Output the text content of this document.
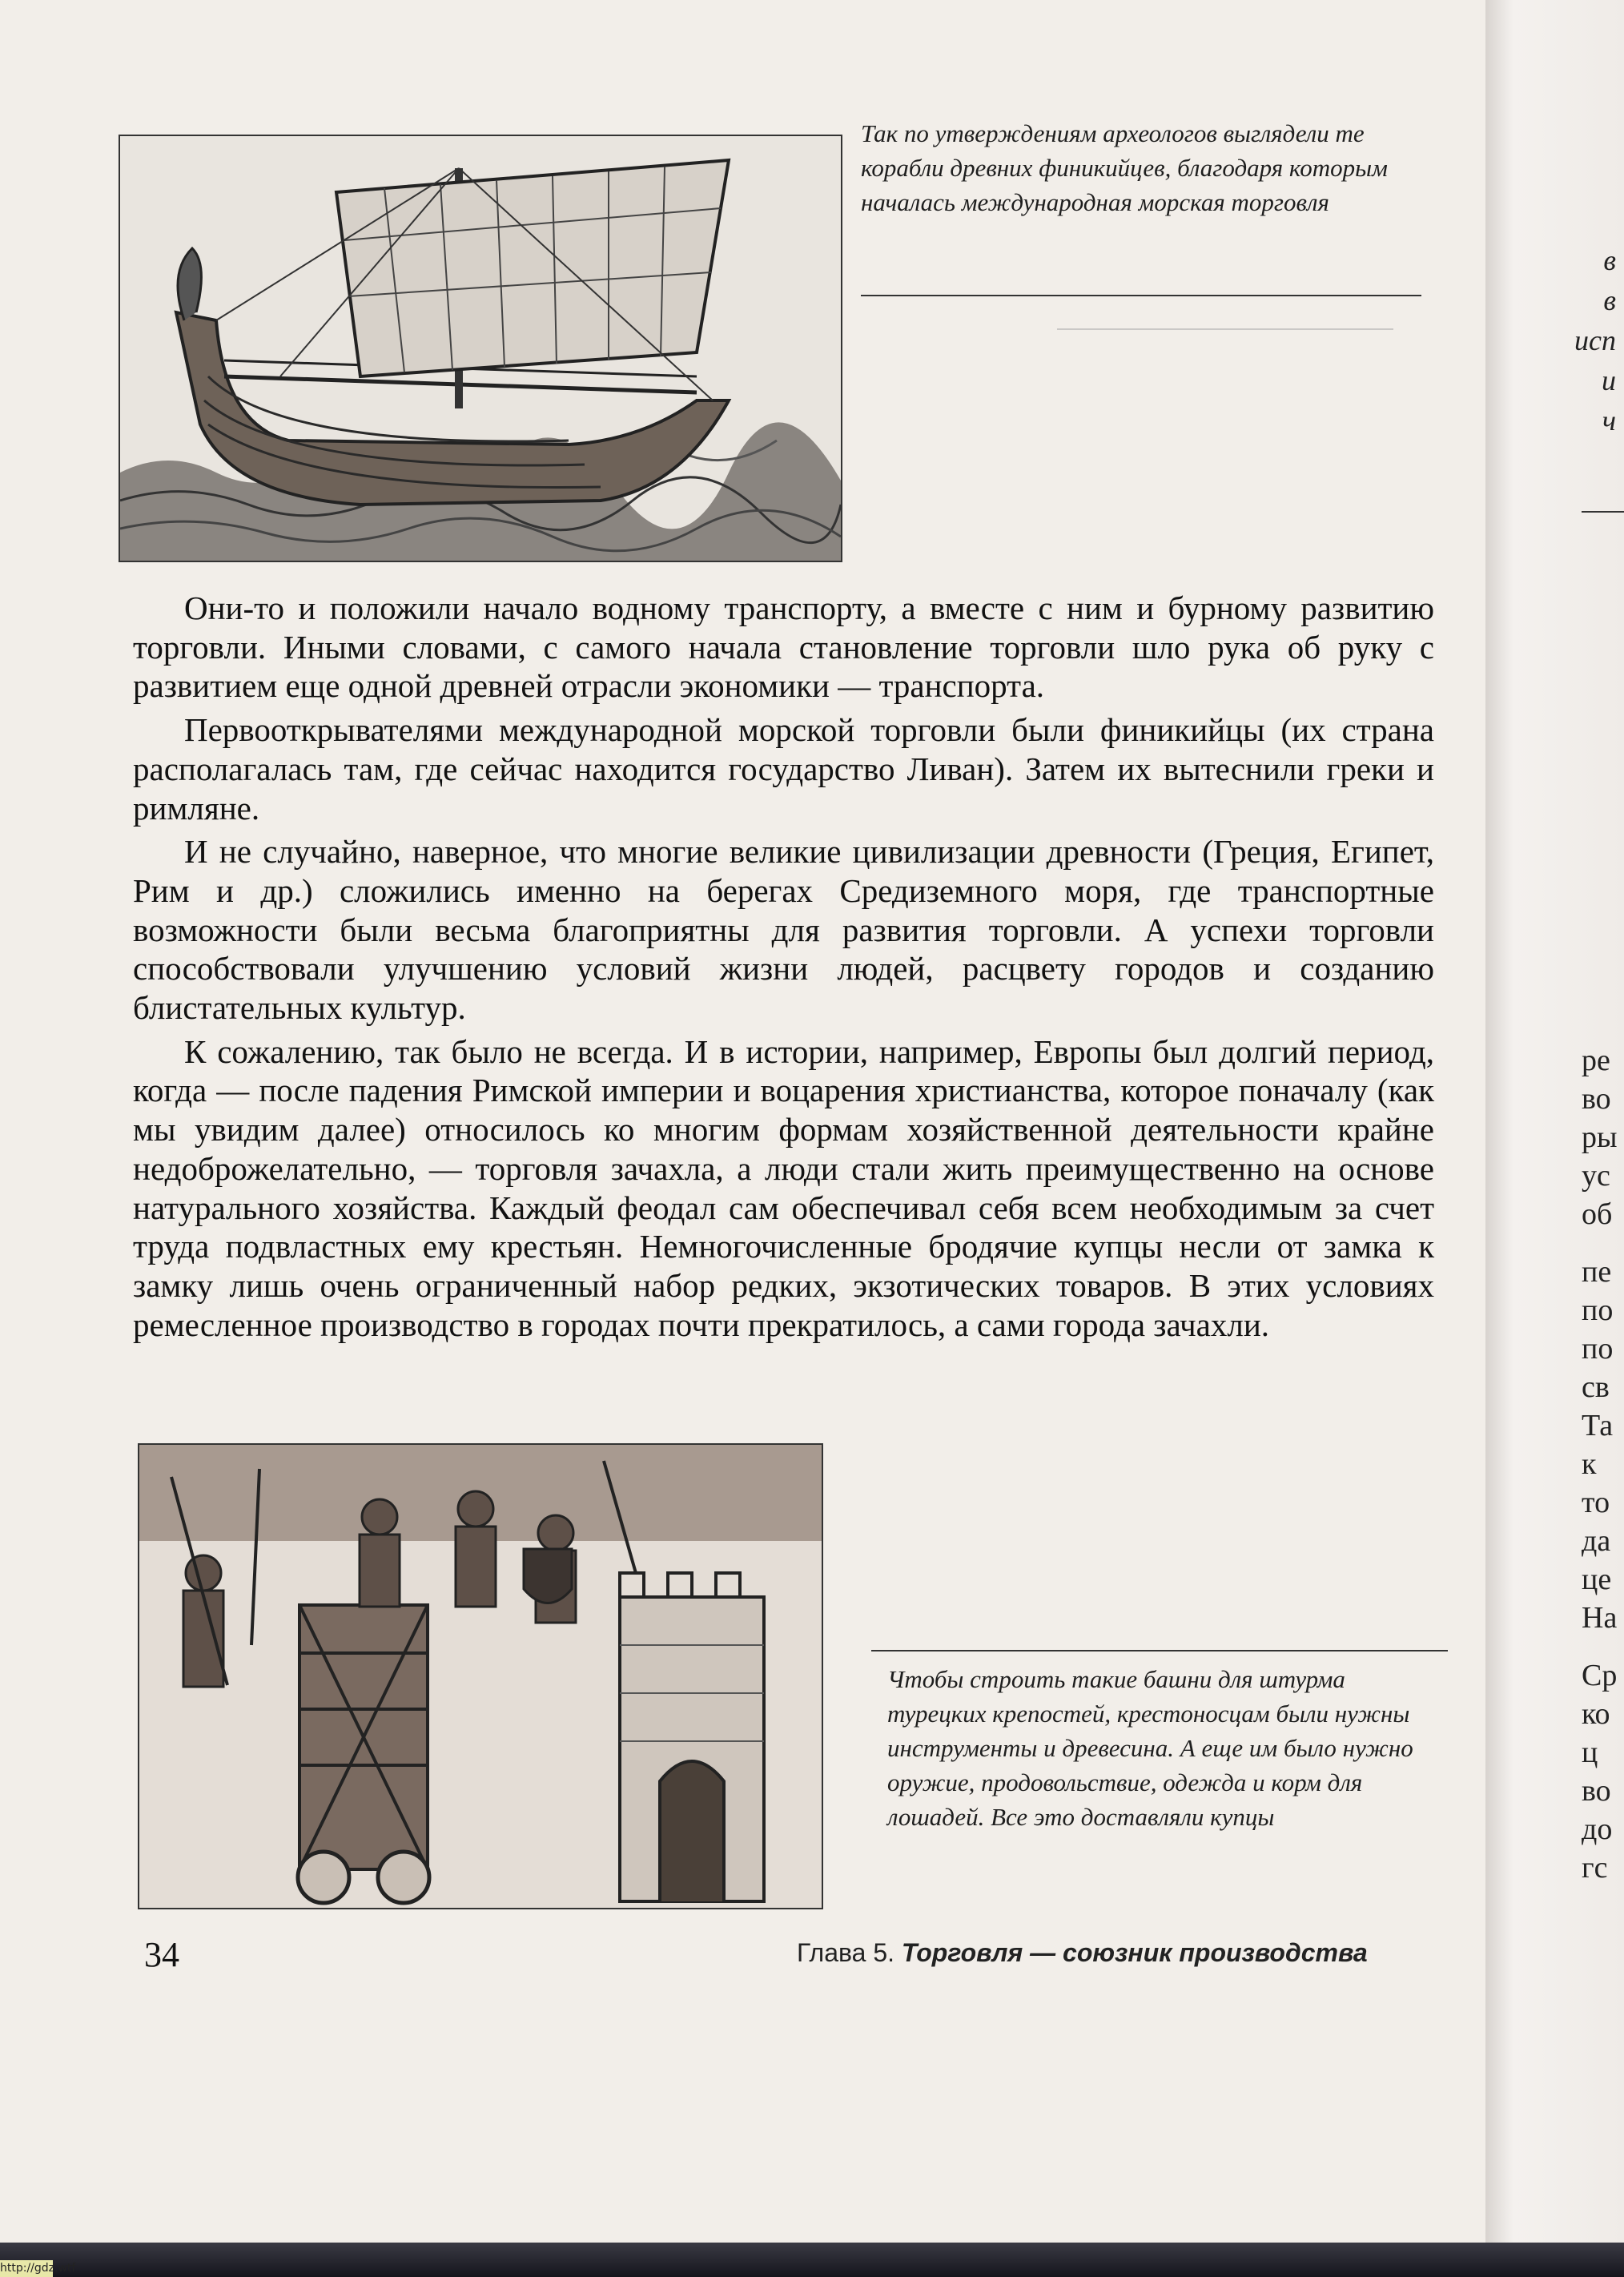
Так по утверждениям археологов выглядели те корабли древних финикийцев, благодаря которым началась международная морская торговля

Они-то и положили начало водному транспорту, а вместе с ним и бурному развитию торговли. Иными словами, с самого начала становление торговли шло рука об руку с развитием еще одной древней отрасли экономики — транспорта.

Первооткрывателями международной морской торговли были финикийцы (их страна располагалась там, где сейчас находится государство Ливан). Затем их вытеснили греки и римляне.

И не случайно, наверное, что многие великие цивилизации древности (Греция, Египет, Рим и др.) сложились именно на берегах Средиземного моря, где транспортные возможности были весьма благоприятны для развития торговли. А успехи торговли способствовали улучшению условий жизни людей, расцвету городов и созданию блистательных культур.

К сожалению, так было не всегда. И в истории, например, Европы был долгий период, когда — после падения Римской империи и воцарения христианства, которое поначалу (как мы увидим далее) относилось ко многим формам хозяйственной деятельности крайне недоброжелательно, — торговля зачахла, а люди стали жить преимущественно на основе натурального хозяйства. Каждый феодал сам обеспечивал себя всем необходимым за счет труда подвластных ему крестьян. Немногочисленные бродячие купцы несли от замка к замку лишь очень ограниченный набор редких, экзотических товаров. В этих условиях ремесленное производство в городах почти прекратилось, а сами города зачахли.

Чтобы строить такие башни для штурма турецких крепостей, крестоносцам были нужны инструменты и древесина. А еще им было нужно оружие, продовольствие, одежда и корм для лошадей. Все это доставляли купцы
34	Глава 5. Торговля — союзник производства
в
в
исп
и
ч
ре
во
ры
ус
об
пе
по
по
св
Та
к
то
да
це
На
Ср
ко
ц
во
до
гс
http://gdz.wtf
